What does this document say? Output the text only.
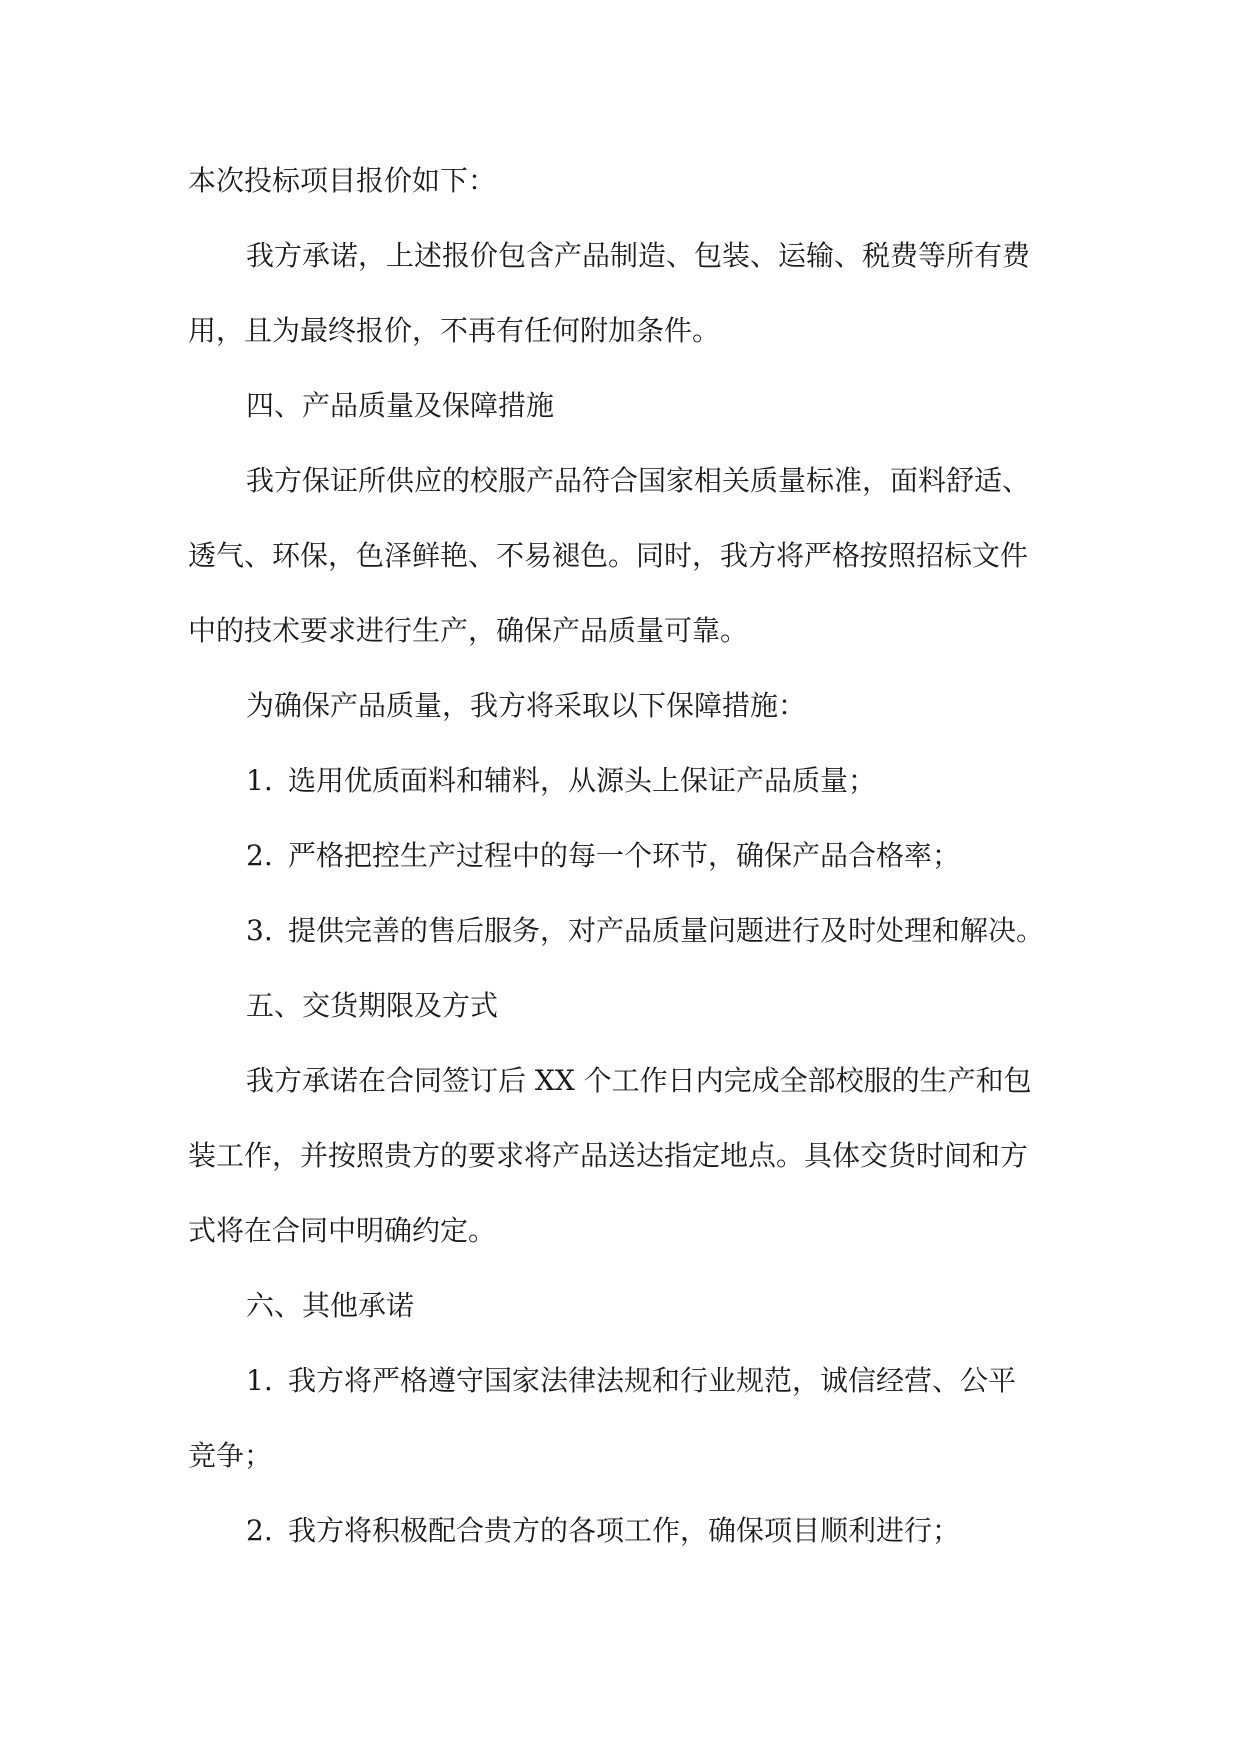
本次投标项目报价如下：

我方承诺，上述报价包含产品制造、包装、运输、税费等所有费

用，且为最终报价，不再有任何附加条件。

四、产品质量及保障措施

我方保证所供应的校服产品符合国家相关质量标准，面料舒适、

透气、环保，色泽鲜艳、不易褪色。同时，我方将严格按照招标文件

中的技术要求进行生产，确保产品质量可靠。

为确保产品质量，我方将采取以下保障措施：

1. 选用优质面料和辅料，从源头上保证产品质量；

2. 严格把控生产过程中的每一个环节，确保产品合格率；

3. 提供完善的售后服务，对产品质量问题进行及时处理和解决。

五、交货期限及方式

我方承诺在合同签订后 XX 个工作日内完成全部校服的生产和包

装工作，并按照贵方的要求将产品送达指定地点。具体交货时间和方

式将在合同中明确约定。

六、其他承诺

1. 我方将严格遵守国家法律法规和行业规范，诚信经营、公平

竞争；

2. 我方将积极配合贵方的各项工作，确保项目顺利进行；
